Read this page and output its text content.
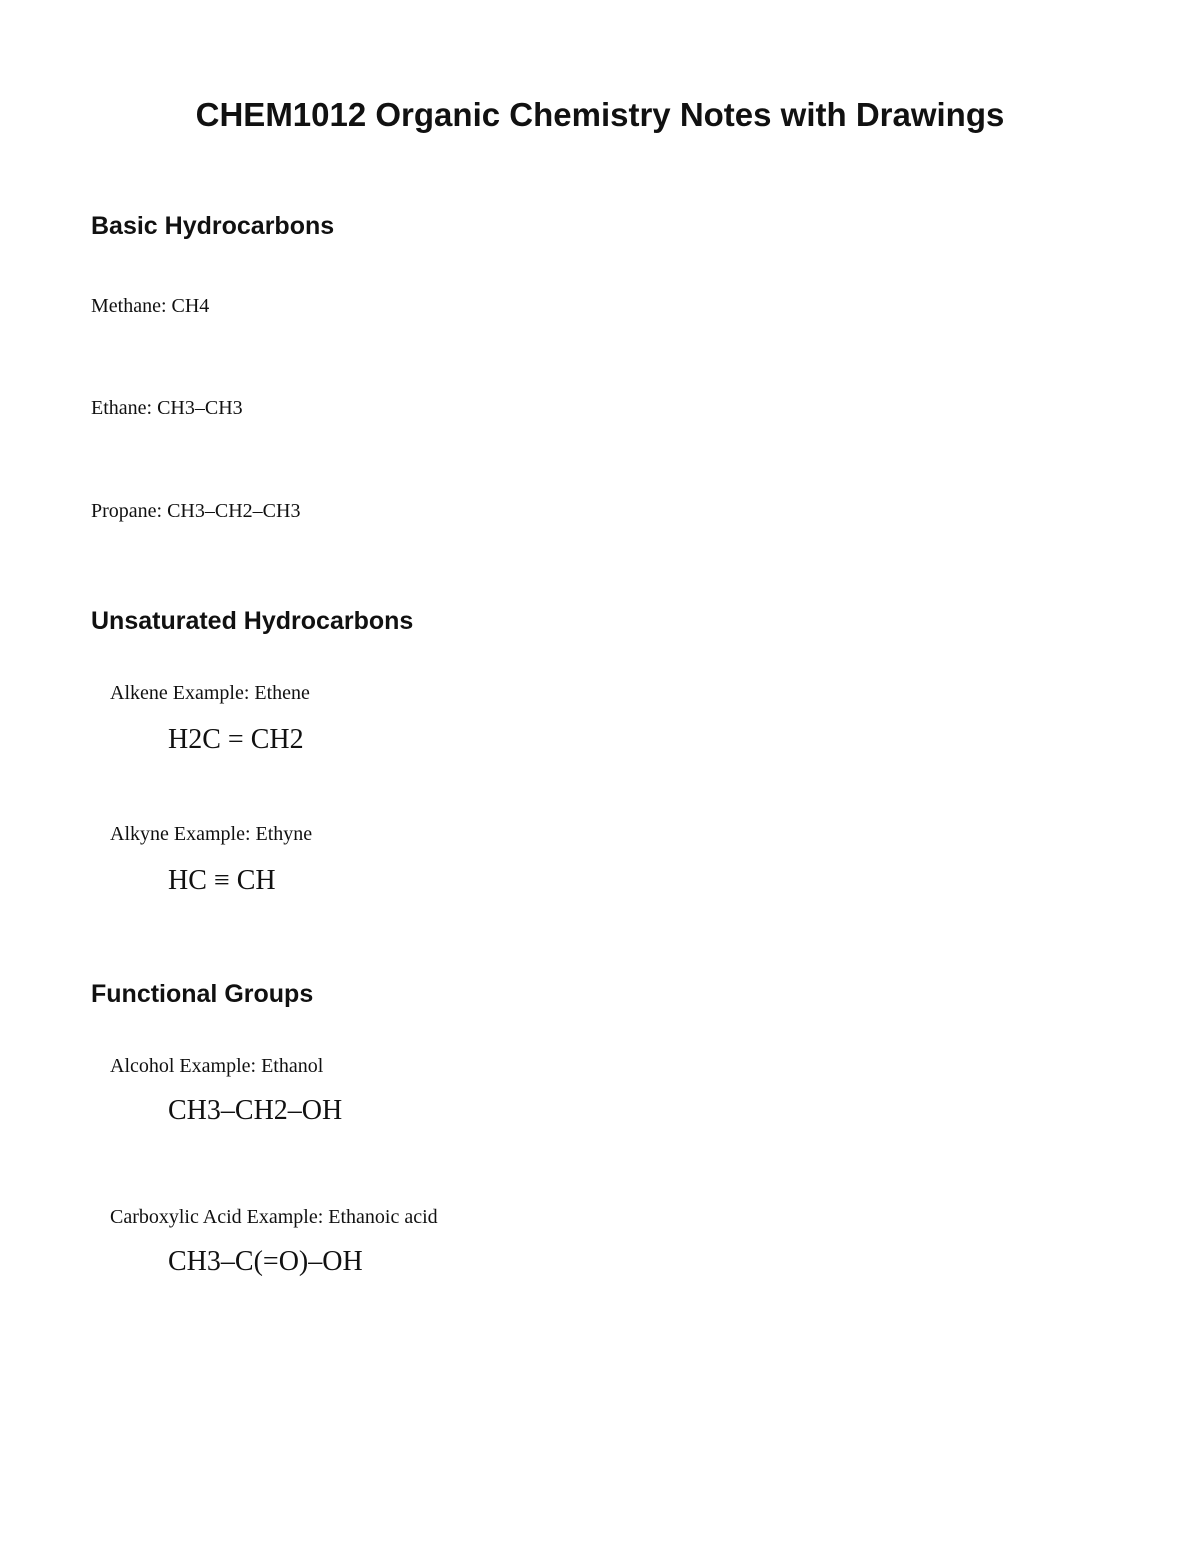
CHEM1012 Organic Chemistry Notes with Drawings
Basic Hydrocarbons
Methane: CH4
Ethane: CH3–CH3
Propane: CH3–CH2–CH3
Unsaturated Hydrocarbons
Alkene Example: Ethene
H2C = CH2
Alkyne Example: Ethyne
HC ≡ CH
Functional Groups
Alcohol Example: Ethanol
CH3–CH2–OH
Carboxylic Acid Example: Ethanoic acid
CH3–C(=O)–OH
